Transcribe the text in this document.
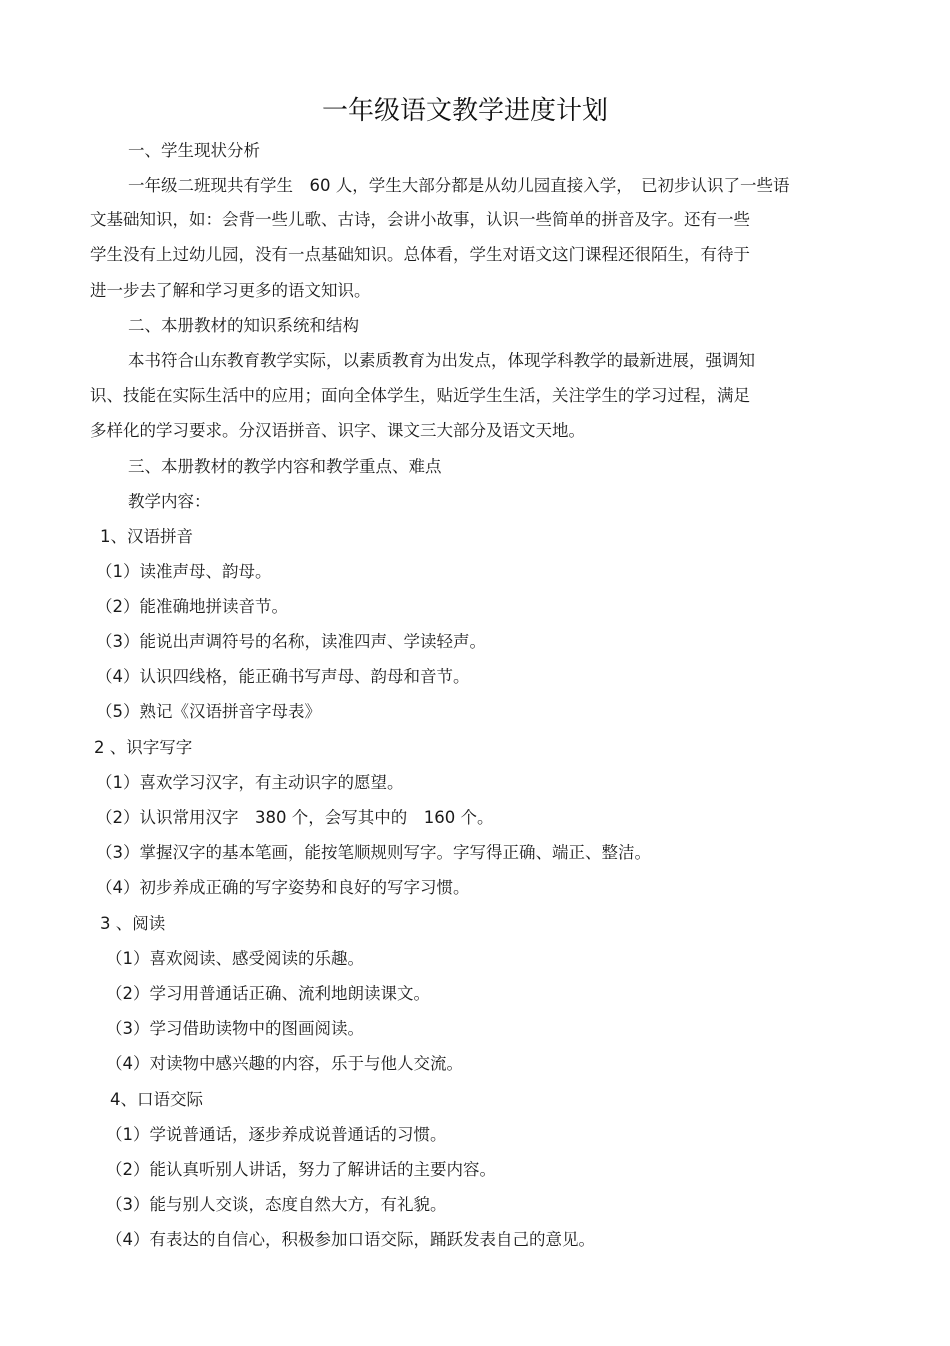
一年级语文教学进度计划
一、学生现状分析
一年级二班现共有学生　60 人，学生大部分都是从幼儿园直接入学，　已初步认识了一些语
文基础知识，如：会背一些儿歌、古诗，会讲小故事，认识一些简单的拼音及字。还有一些
学生没有上过幼儿园，没有一点基础知识。总体看，学生对语文这门课程还很陌生，有待于
进一步去了解和学习更多的语文知识。
二、本册教材的知识系统和结构
本书符合山东教育教学实际，以素质教育为出发点，体现学科教学的最新进展，强调知
识、技能在实际生活中的应用；面向全体学生，贴近学生生活，关注学生的学习过程，满足
多样化的学习要求。分汉语拼音、识字、课文三大部分及语文天地。
三、本册教材的教学内容和教学重点、难点
教学内容：
1、汉语拼音
（1）读准声母、韵母。
（2）能准确地拼读音节。
（3）能说出声调符号的名称，读准四声、学读轻声。
（4）认识四线格，能正确书写声母、韵母和音节。
（5）熟记《汉语拼音字母表》
2 、识字写字
（1）喜欢学习汉字，有主动识字的愿望。
（2）认识常用汉字　380 个，会写其中的　160 个。
（3）掌握汉字的基本笔画，能按笔顺规则写字。字写得正确、端正、整洁。
（4）初步养成正确的写字姿势和良好的写字习惯。
3 、阅读
（1）喜欢阅读、感受阅读的乐趣。
（2）学习用普通话正确、流利地朗读课文。
（3）学习借助读物中的图画阅读。
（4）对读物中感兴趣的内容，乐于与他人交流。
4、口语交际
（1）学说普通话，逐步养成说普通话的习惯。
（2）能认真听别人讲话，努力了解讲话的主要内容。
（3）能与别人交谈，态度自然大方，有礼貌。
（4）有表达的自信心，积极参加口语交际，踊跃发表自己的意见。
